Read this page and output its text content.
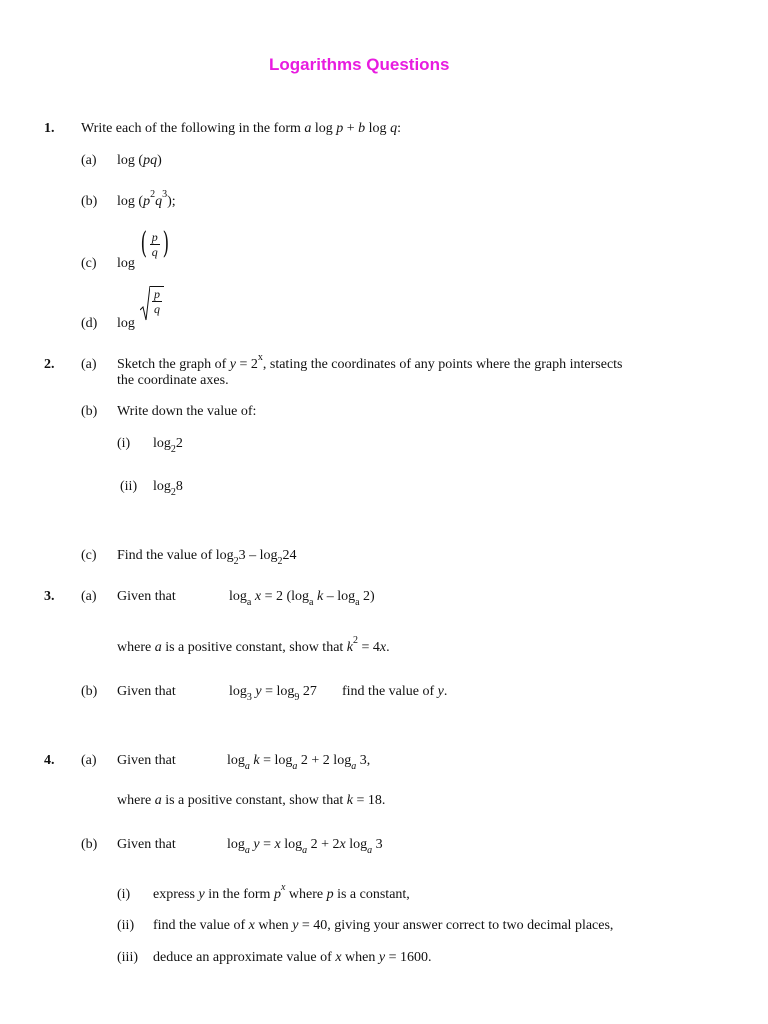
Logarithms Questions
1. Write each of the following in the form a log p + b log q:
(a) log (pq)
(b) $\log (p^2q^3)$;
(c) log
( $\frac{p}{q}$ )
(d) log
$\frac{p}{q}$
2. (a) Sketch the graph of $y = 2^x$, stating the coordinates of any points where the graph intersects
the coordinate axes.
(b) Write down the value of:
(i) $\log_22$
(ii) $\log_28$
(c) Find the value of $\log_23 - \log_224$
3. (a) Given that	$\log_a x = 2$ ($\log_a$ k – $\log_a 2$)
where a is a positive constant, show that $k^2 = 4x$.
(b) Given that	$\log_3 y = \log_9 27$ find the value of y.
4. (a) Given that	$\log_a k = \log_a 2 + 2$ $\log_a 3$,
where a is a positive constant, show that k = 18.
(b) Given that	$\log_a y = x$ $\log_a 2 + 2x$ $\log_a 3$
(i) express y in the form $p^x$ where p is a constant,
(ii) find the value of x when y = 40, giving your answer correct to two decimal places,
(iii) deduce an approximate value of x when y = 1600.
